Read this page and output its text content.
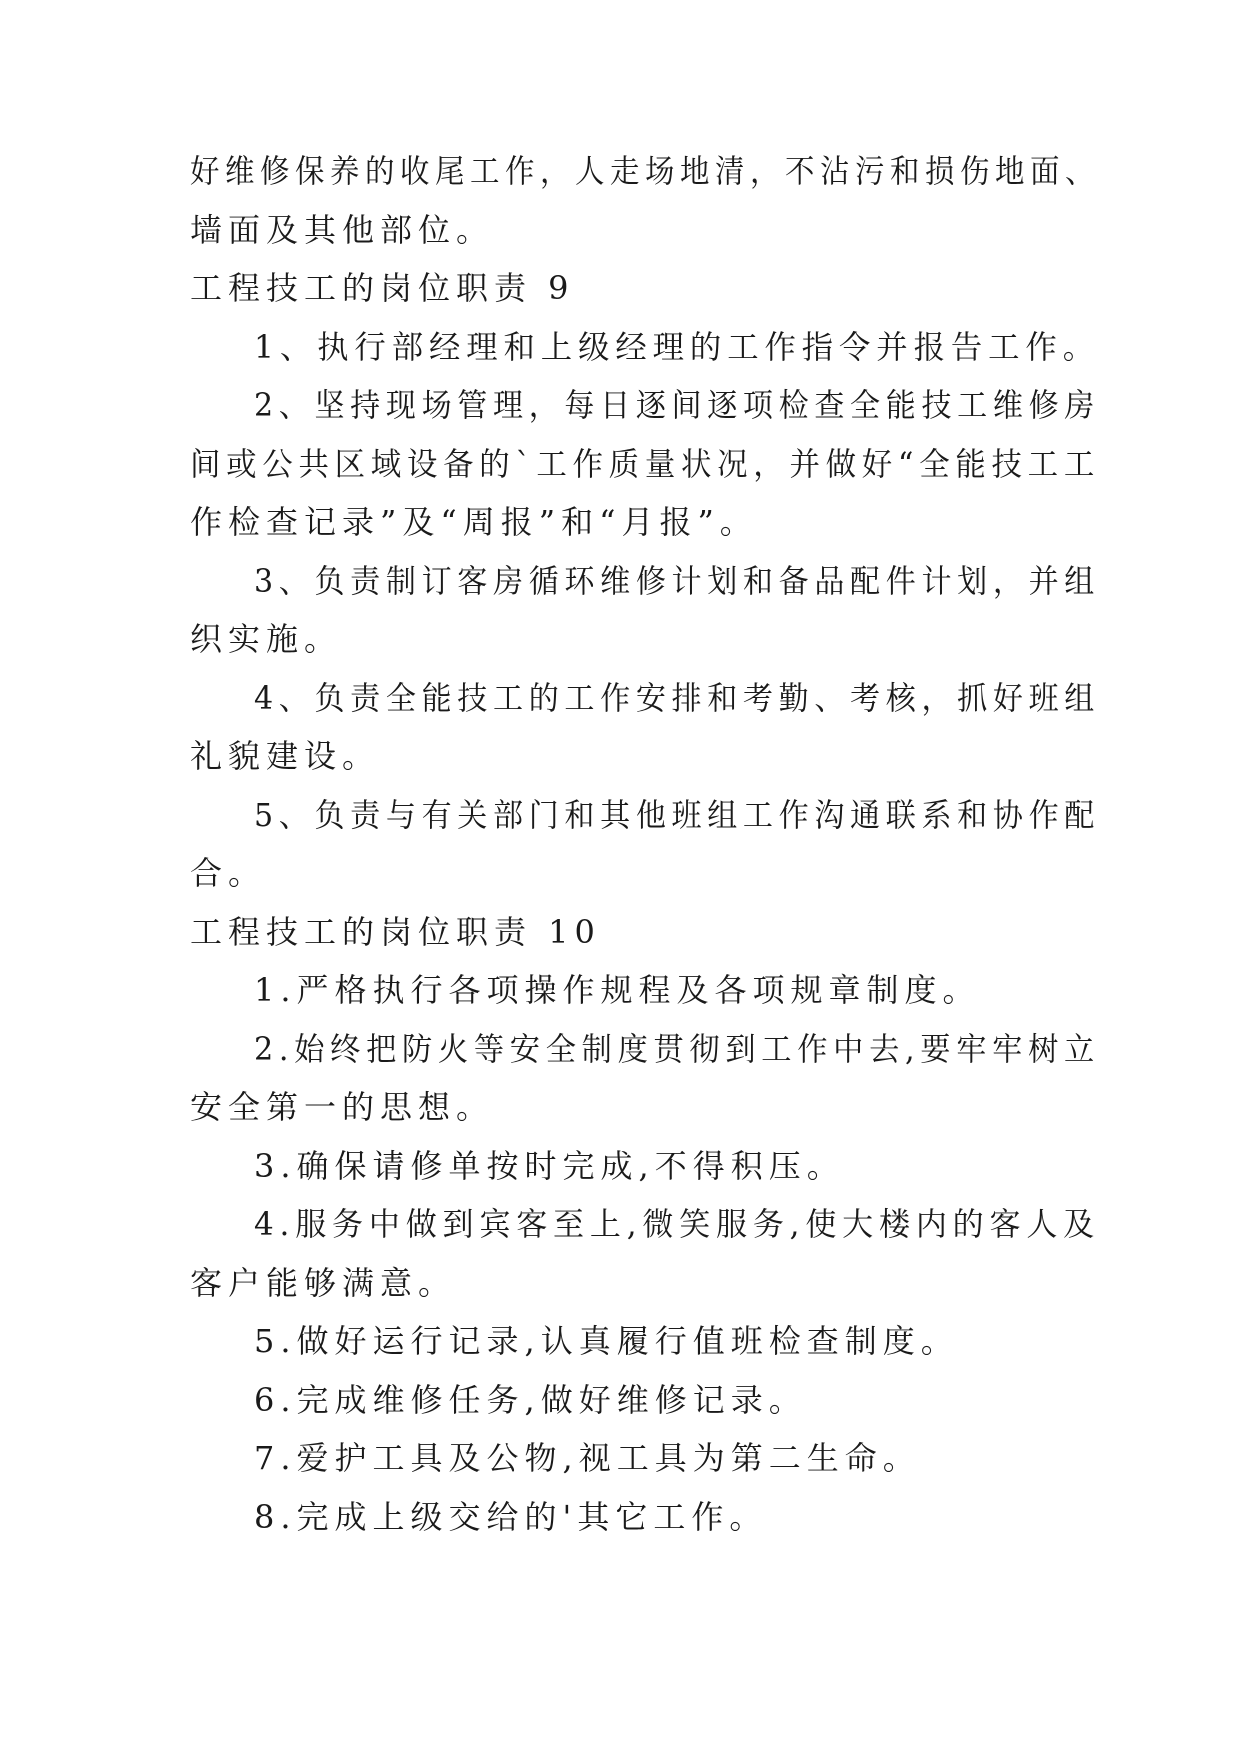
好维修保养的收尾工作，人走场地清，不沾污和损伤地面、
墙面及其他部位。
工程技工的岗位职责 9
1、执行部经理和上级经理的工作指令并报告工作。
2、坚持现场管理，每日逐间逐项检查全能技工维修房
间或公共区域设备的`工作质量状况，并做好“全能技工工
作检查记录”及“周报”和“月报”。
3、负责制订客房循环维修计划和备品配件计划，并组
织实施。
4、负责全能技工的工作安排和考勤、考核，抓好班组
礼貌建设。
5、负责与有关部门和其他班组工作沟通联系和协作配
合。
工程技工的岗位职责 10
1.严格执行各项操作规程及各项规章制度。
2.始终把防火等安全制度贯彻到工作中去,要牢牢树立
安全第一的思想。
3.确保请修单按时完成,不得积压。
4.服务中做到宾客至上,微笑服务,使大楼内的客人及
客户能够满意。
5.做好运行记录,认真履行值班检查制度。
6.完成维修任务,做好维修记录。
7.爱护工具及公物,视工具为第二生命。
8.完成上级交给的'其它工作。
